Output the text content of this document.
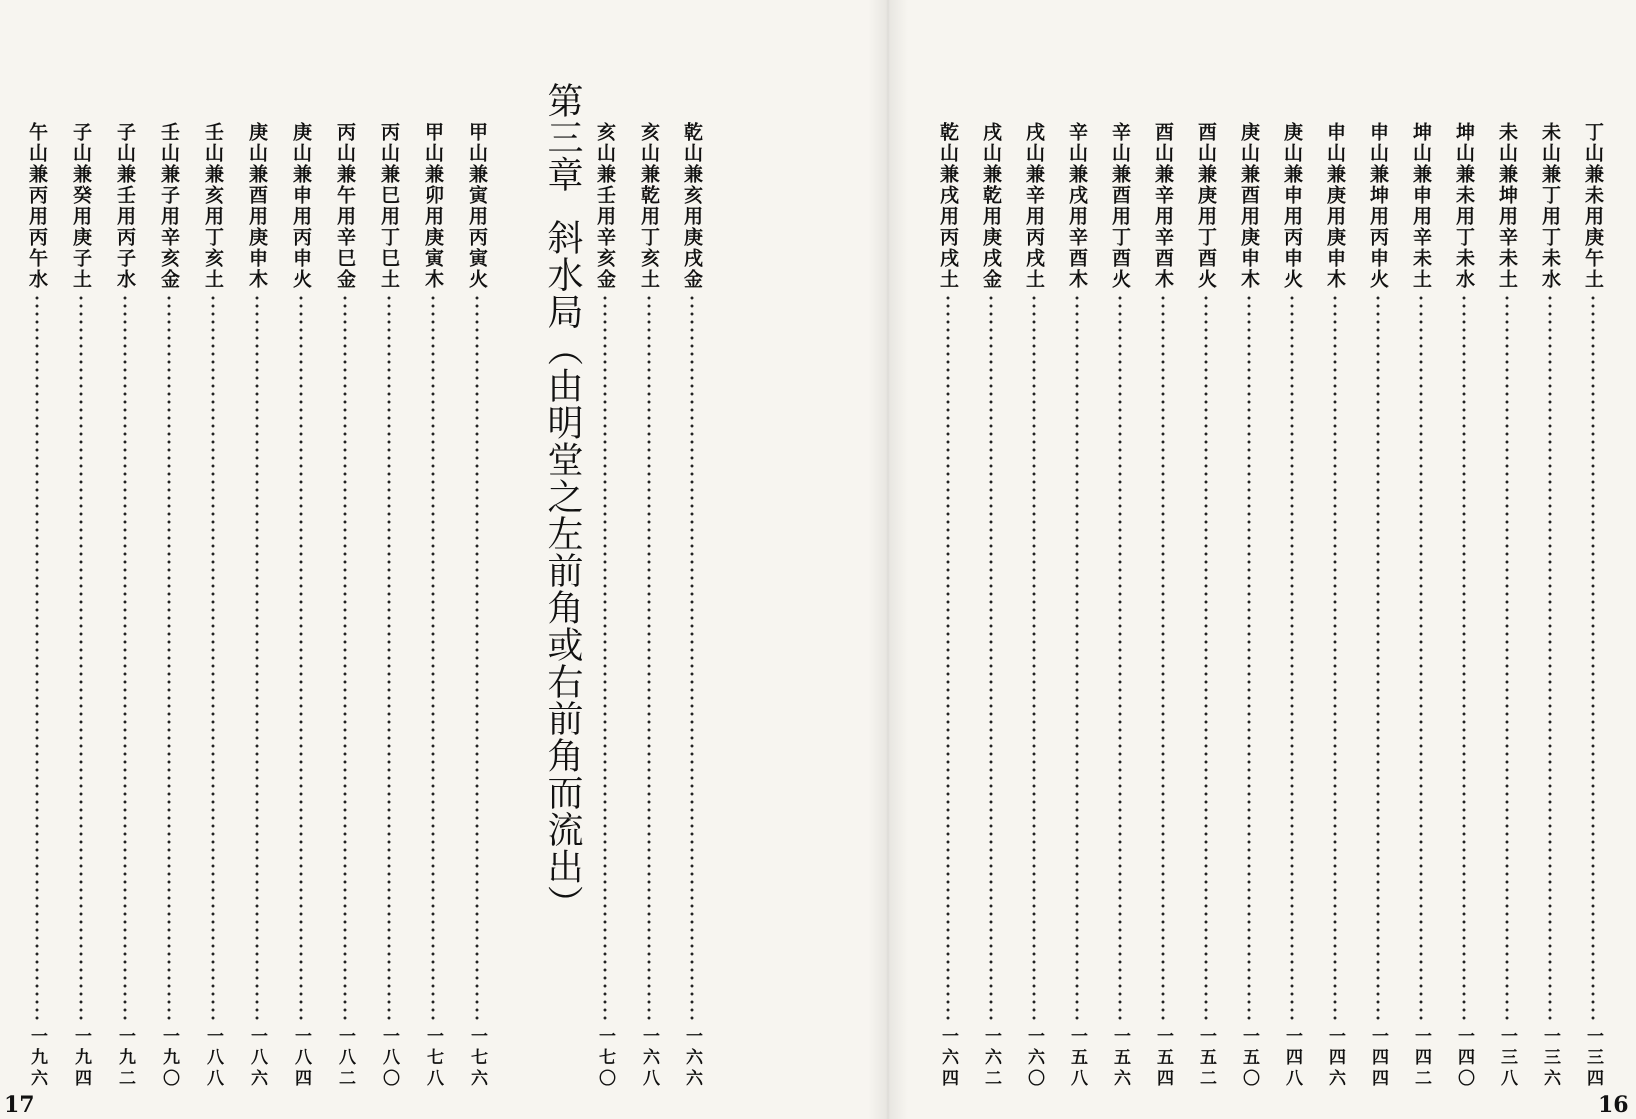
乾山兼亥用庚戌金
一六六
亥山兼乾用丁亥土
一六八
亥山兼壬用辛亥金
一七〇
第三章斜水局（由明堂之左前角或右前角而流出）
甲山兼寅用丙寅火
一七六
甲山兼卯用庚寅木
一七八
丙山兼巳用丁巳土
一八〇
丙山兼午用辛巳金
一八二
庚山兼申用丙申火
一八四
庚山兼酉用庚申木
一八六
壬山兼亥用丁亥土
一八八
壬山兼子用辛亥金
一九〇
子山兼壬用丙子水
一九二
子山兼癸用庚子土
一九四
午山兼丙用丙午水
一九六
17
丁山兼未用庚午土
一三四
未山兼丁用丁未水
一三六
未山兼坤用辛未土
一三八
坤山兼未用丁未水
一四〇
坤山兼申用辛未土
一四二
申山兼坤用丙申火
一四四
申山兼庚用庚申木
一四六
庚山兼申用丙申火
一四八
庚山兼酉用庚申木
一五〇
酉山兼庚用丁酉火
一五二
酉山兼辛用辛酉木
一五四
辛山兼酉用丁酉火
一五六
辛山兼戌用辛酉木
一五八
戌山兼辛用丙戌土
一六〇
戌山兼乾用庚戌金
一六二
乾山兼戌用丙戌土
一六四
16
